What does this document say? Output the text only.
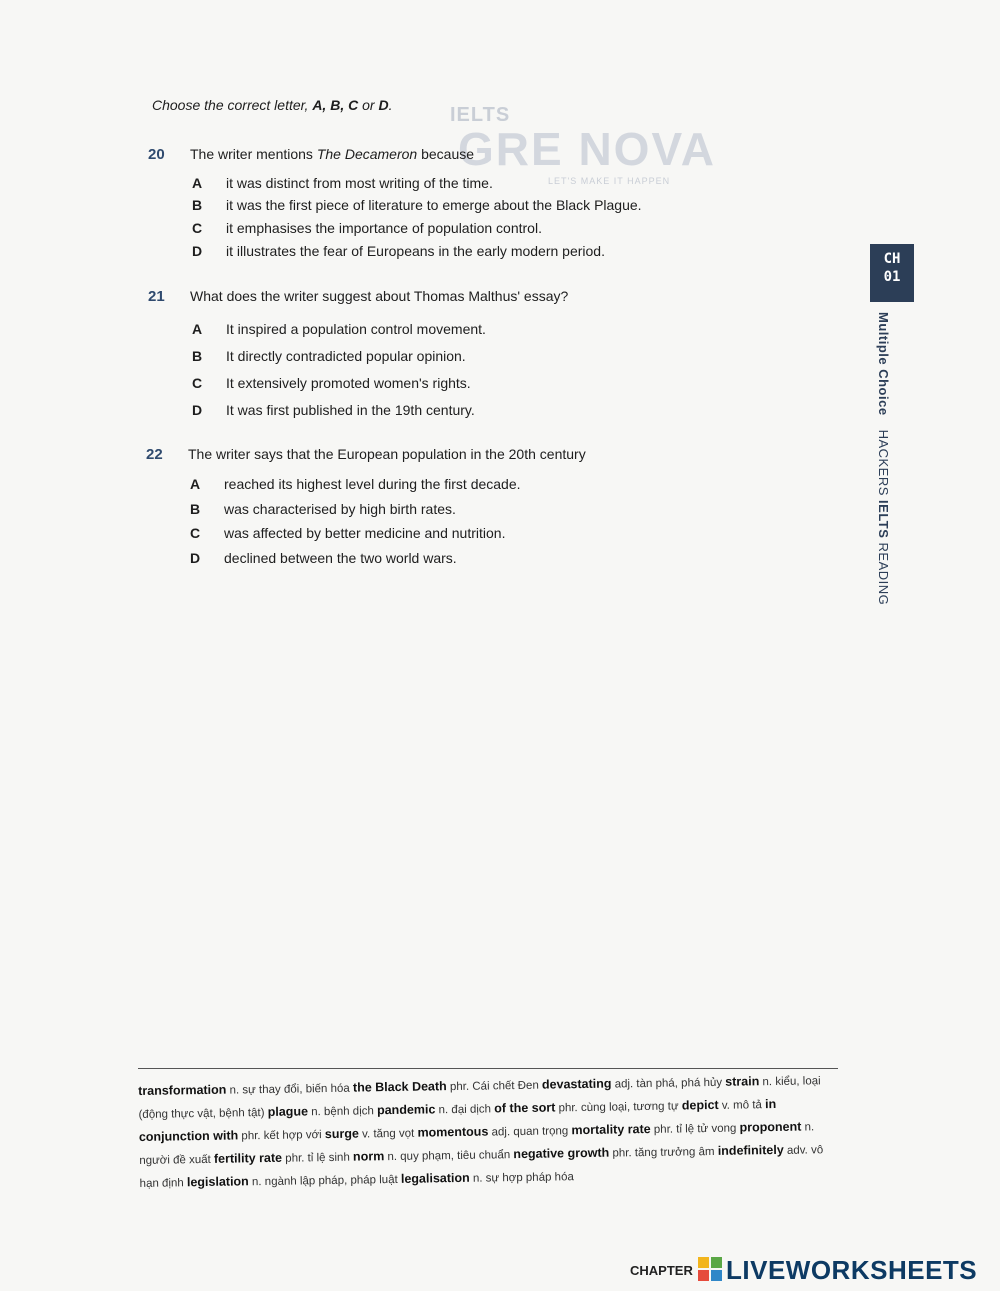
Choose the correct letter, A, B, C or D.	IELTS
GRE NOVA
LET'S MAKE IT HAPPEN
20 The writer mentions The Decameron because
A it was distinct from most writing of the time.
B it was the first piece of literature to emerge about the Black Plague.
C it emphasises the importance of population control.
D it illustrates the fear of Europeans in the early modern period.
21 What does the writer suggest about Thomas Malthus' essay?
A It inspired a population control movement.
B It directly contradicted popular opinion.
C It extensively promoted women's rights.
D It was first published in the 19th century.
22 The writer says that the European population in the 20th century
A reached its highest level during the first decade.
B was characterised by high birth rates.
C was affected by better medicine and nutrition.
D declined between the two world wars.
CH
01
Multiple ChoiceHACKERS IELTS READING
transformation n. sự thay đổi, biến hóa the Black Death phr. Cái chết Đen devastating adj. tàn phá, phá hủy strain n. kiểu, loại (động thực vật, bệnh tật) plague n. bệnh dịch pandemic n. đại dịch of the sort phr. cùng loại, tương tự depict v. mô tả in conjunction with phr. kết hợp với surge v. tăng vọt momentous adj. quan trọng mortality rate phr. tỉ lệ tử vong proponent n. người đề xuất fertility rate phr. tỉ lệ sinh norm n. quy phạm, tiêu chuẩn negative growth phr. tăng trưởng âm indefinitely adv. vô hạn định legislation n. ngành lập pháp, pháp luật legalisation n. sự hợp pháp hóa
CHAPTER LIVEWORKSHEETS
